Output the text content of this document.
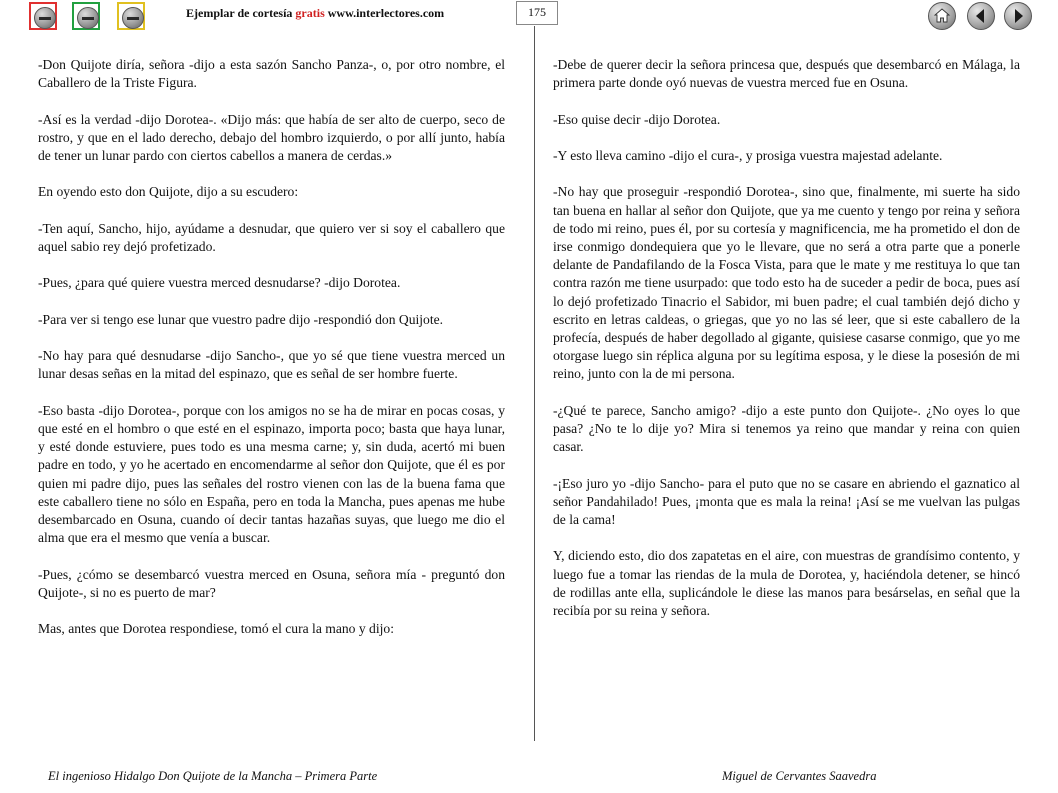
Ejemplar de cortesía gratis www.interlectores.com	175

-Don Quijote diría, señora -dijo a esta sazón Sancho Panza-, o, por otro nombre, el Caballero de la Triste Figura.

-Así es la verdad -dijo Dorotea-. «Dijo más: que había de ser alto de cuerpo, seco de rostro, y que en el lado derecho, debajo del hombro izquierdo, o por allí junto, había de tener un lunar pardo con ciertos cabellos a manera de cerdas.»

En oyendo esto don Quijote, dijo a su escudero:

-Ten aquí, Sancho, hijo, ayúdame a desnudar, que quiero ver si soy el caballero que aquel sabio rey dejó profetizado.

-Pues, ¿para qué quiere vuestra merced desnudarse? -dijo Dorotea.

-Para ver si tengo ese lunar que vuestro padre dijo -respondió don Quijote.

-No hay para qué desnudarse -dijo Sancho-, que yo sé que tiene vuestra merced un lunar desas señas en la mitad del espinazo, que es señal de ser hombre fuerte.

-Eso basta -dijo Dorotea-, porque con los amigos no se ha de mirar en pocas cosas, y que esté en el hombro o que esté en el espinazo, importa poco; basta que haya lunar, y esté donde estuviere, pues todo es una mesma carne; y, sin duda, acertó mi buen padre en todo, y yo he acertado en encomendarme al señor don Quijote, que él es por quien mi padre dijo, pues las señales del rostro vienen con las de la buena fama que este caballero tiene no sólo en España, pero en toda la Mancha, pues apenas me hube desembarcado en Osuna, cuando oí decir tantas hazañas suyas, que luego me dio el alma que era el mesmo que venía a buscar.

-Pues, ¿cómo se desembarcó vuestra merced en Osuna, señora mía - preguntó don Quijote-, si no es puerto de mar?

Mas, antes que Dorotea respondiese, tomó el cura la mano y dijo:

-Debe de querer decir la señora princesa que, después que desembarcó en Málaga, la primera parte donde oyó nuevas de vuestra merced fue en Osuna.

-Eso quise decir -dijo Dorotea.

-Y esto lleva camino -dijo el cura-, y prosiga vuestra majestad adelante.

-No hay que proseguir -respondió Dorotea-, sino que, finalmente, mi suerte ha sido tan buena en hallar al señor don Quijote, que ya me cuento y tengo por reina y señora de todo mi reino, pues él, por su cortesía y magnificencia, me ha prometido el don de irse conmigo dondequiera que yo le llevare, que no será a otra parte que a ponerle delante de Pandafilando de la Fosca Vista, para que le mate y me restituya lo que tan contra razón me tiene usurpado: que todo esto ha de suceder a pedir de boca, pues así lo dejó profetizado Tinacrio el Sabidor, mi buen padre; el cual también dejó dicho y escrito en letras caldeas, o griegas, que yo no las sé leer, que si este caballero de la profecía, después de haber degollado al gigante, quisiese casarse conmigo, que yo me otorgase luego sin réplica alguna por su legítima esposa, y le diese la posesión de mi reino, junto con la de mi persona.

-¿Qué te parece, Sancho amigo? -dijo a este punto don Quijote-. ¿No oyes lo que pasa? ¿No te lo dije yo? Mira si tenemos ya reino que mandar y reina con quien casar.

-¡Eso juro yo -dijo Sancho- para el puto que no se casare en abriendo el gaznatico al señor Pandahilado! Pues, ¡monta que es mala la reina! ¡Así se me vuelvan las pulgas de la cama!

Y, diciendo esto, dio dos zapatetas en el aire, con muestras de grandísimo contento, y luego fue a tomar las riendas de la mula de Dorotea, y, haciéndola detener, se hincó de rodillas ante ella, suplicándole le diese las manos para besárselas, en señal que la recibía por su reina y señora.

El ingenioso Hidalgo Don Quijote de la Mancha – Primera Parte	Miguel de Cervantes Saavedra
